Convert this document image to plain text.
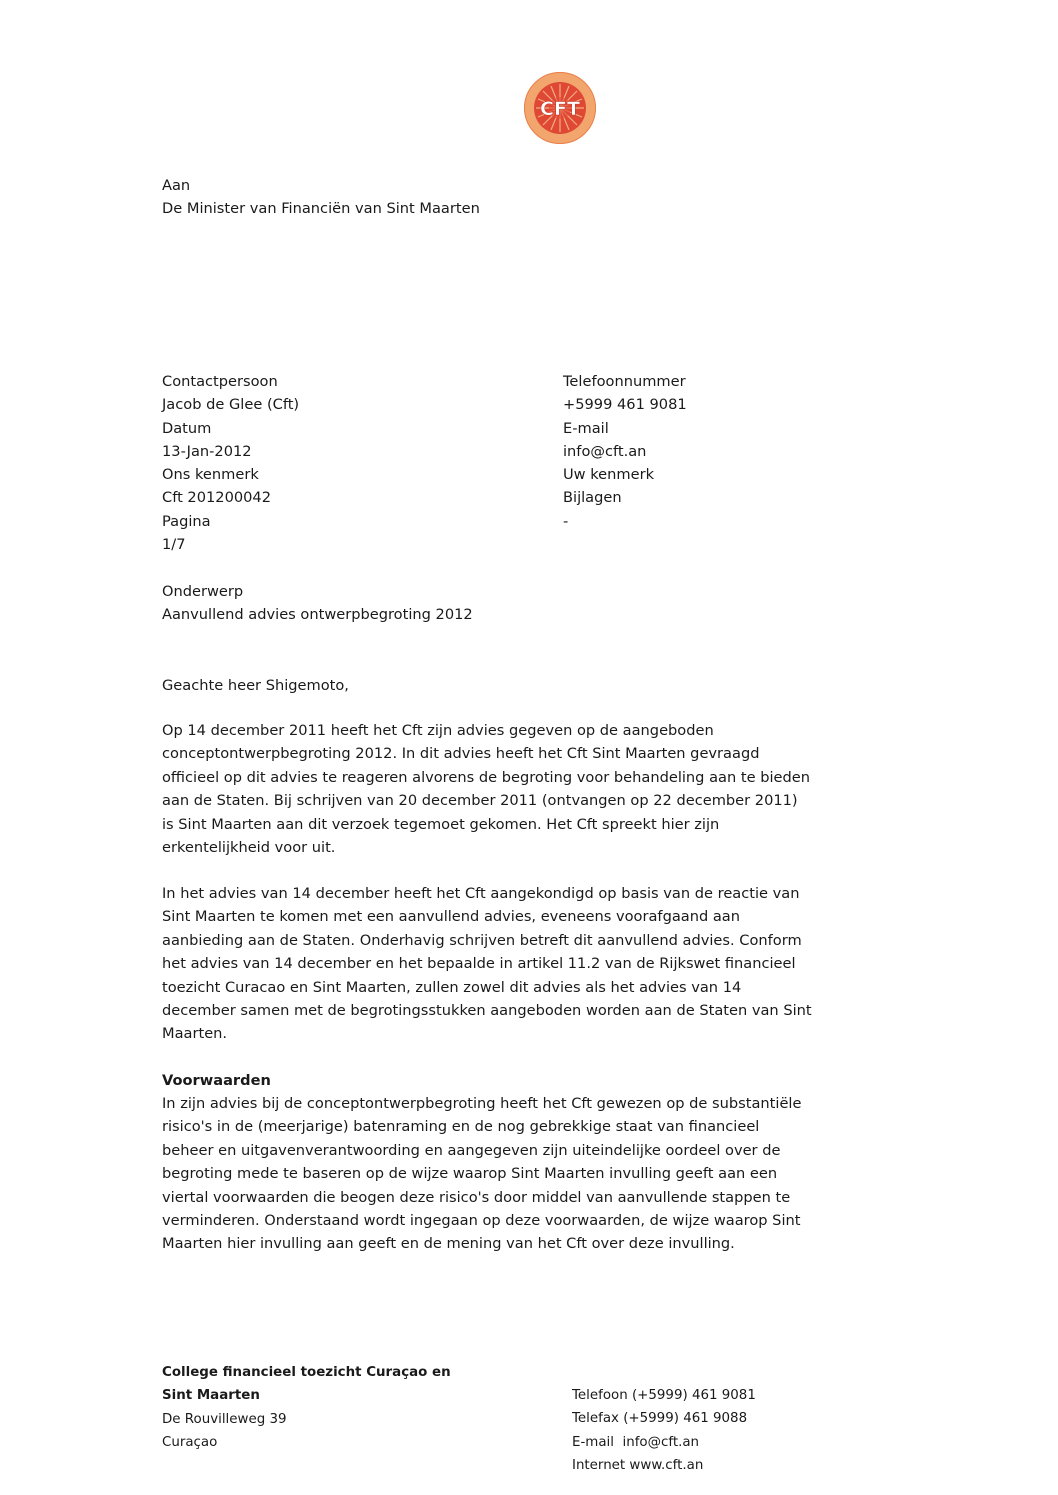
CFT
Aan
De Minister van Financiën van Sint Maarten
Contactpersoon
Jacob de Glee (Cft)
Datum
13-Jan-2012
Ons kenmerk
Cft 201200042
Pagina
1/7
Telefoonnummer
+5999 461 9081
E-mail
info@cft.an
Uw kenmerk
Bijlagen
-
Onderwerp
Aanvullend advies ontwerpbegroting 2012
Geachte heer Shigemoto,
Op 14 december 2011 heeft het Cft zijn advies gegeven op de aangeboden
conceptontwerpbegroting 2012. In dit advies heeft het Cft Sint Maarten gevraagd
officieel op dit advies te reageren alvorens de begroting voor behandeling aan te bieden
aan de Staten. Bij schrijven van 20 december 2011 (ontvangen op 22 december 2011)
is Sint Maarten aan dit verzoek tegemoet gekomen. Het Cft spreekt hier zijn
erkentelijkheid voor uit.
In het advies van 14 december heeft het Cft aangekondigd op basis van de reactie van
Sint Maarten te komen met een aanvullend advies, eveneens voorafgaand aan
aanbieding aan de Staten. Onderhavig schrijven betreft dit aanvullend advies. Conform
het advies van 14 december en het bepaalde in artikel 11.2 van de Rijkswet financieel
toezicht Curacao en Sint Maarten, zullen zowel dit advies als het advies van 14
december samen met de begrotingsstukken aangeboden worden aan de Staten van Sint
Maarten.
Voorwaarden
In zijn advies bij de conceptontwerpbegroting heeft het Cft gewezen op de substantiële
risico's in de (meerjarige) batenraming en de nog gebrekkige staat van financieel
beheer en uitgavenverantwoording en aangegeven zijn uiteindelijke oordeel over de
begroting mede te baseren op de wijze waarop Sint Maarten invulling geeft aan een
viertal voorwaarden die beogen deze risico's door middel van aanvullende stappen te
verminderen. Onderstaand wordt ingegaan op deze voorwaarden, de wijze waarop Sint
Maarten hier invulling aan geeft en de mening van het Cft over deze invulling.
College financieel toezicht Curaçao en
Sint Maarten
De Rouvilleweg 39
Curaçao
Telefoon (+5999) 461 9081
Telefax (+5999) 461 9088
E-mail  info@cft.an
Internet www.cft.an
